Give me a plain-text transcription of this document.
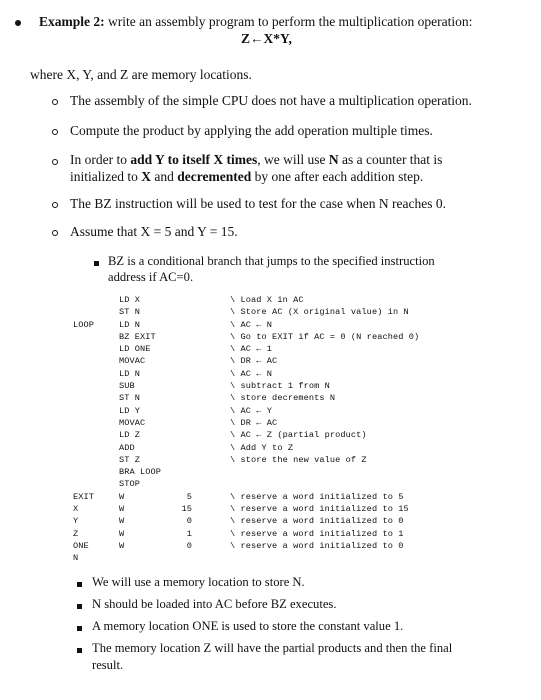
Example 2: write an assembly program to perform the multiplication operation:
Z←X*Y,
where X, Y, and Z are memory locations.
The assembly of the simple CPU does not have a multiplication operation.
Compute the product by applying the add operation multiple times.
In order to add Y to itself X times, we will use N as a counter that is
initialized to X and decremented by one after each addition step.
The BZ instruction will be used to test for the case when N reaches 0.
Assume that X = 5 and Y = 15.
BZ is a conditional branch that jumps to the specified instruction
address if AC=0.
LOOP
EXIT
X
Y
Z
ONE
N
LD X
ST N
LD N
BZ EXIT
LD ONE
MOVAC
LD N
SUB
ST N
LD Y
MOVAC
LD Z
ADD
ST Z
BRA LOOP
STOP
W
W
W
W
W
5
15
0
1
0
\ Load X in AC
\ Store AC (X original value) in N
\ AC ← N
\ Go to EXIT if AC = 0 (N reached 0)
\ AC ← 1
\ DR ← AC
\ AC ← N
\ subtract 1 from N
\ store decrements N
\ AC ← Y
\ DR ← AC
\ AC ← Z (partial product)
\ Add Y to Z
\ store the new value of Z
\ reserve a word initialized to 5
\ reserve a word initialized to 15
\ reserve a word initialized to 0
\ reserve a word initialized to 1
\ reserve a word initialized to 0
We will use a memory location to store N.
N should be loaded into AC before BZ executes.
A memory location ONE is used to store the constant value 1.
The memory location Z will have the partial products and then the final
result.
